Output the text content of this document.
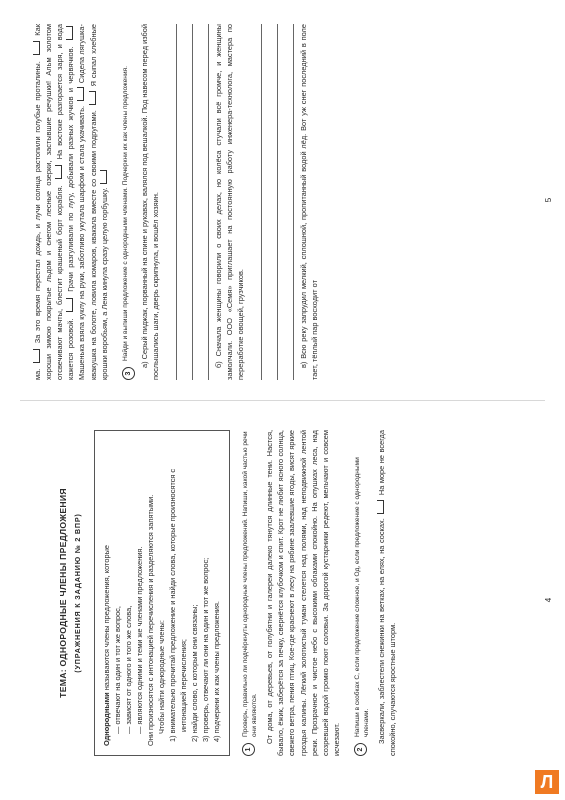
ТЕМА: ОДНОРОДНЫЕ ЧЛЕНЫ ПРЕДЛОЖЕНИЯ (УПРАЖНЕНИЯ К ЗАДАНИЮ № 2 ВПР)

Однородными называются члены предложения, которые — отвечают на один и тот же вопрос, — зависят от одного и того же слова, — являются одними и теми же членами предложения. Они произносятся с интонацией перечисления и разделяются запятыми. Чтобы найти однородные члены: 1) внимательно прочитай предложение и найди слова, которые произносятся с интонацией перечисления; 2) найди слово, с которым они связаны; 3) проверь, отвечают ли они на один и тот же вопрос; 4) подчеркни их как члены предложения.

1
Проверь, правильно ли подчёркнуты однородные члены предложений. Напиши, какой частью речи они являются. От дома, от деревьев, от голубятни и галереи далеко тянутся длинные тени. Настся, бывало, ёжик, заберётся за печку, свернётся клубочком и спит. Крот не любит ясного солнца, свежего ветра, пения птиц. Кое-где краснеют в лесу на рябине заалевшие ягоды, висят яркие гроздья калины. Лёгкий золотистый туман стелется над полями, над неподвижной лентой реки. Прозрачное и чистое небо с высокими облаками спокойно. На опушках леса, над созревшей водой громко поют соловьи. За дорогой кустарники редеют, мельчают и совсем исчезают.	2
Напиши в скобках С, если предложение сложное, и Од, если предложение с однородными членами. Засверкали, заблестели снежинки на ветках, на елях, на сосках.  На море не всегда спокойно, случаются яростные шторм.

4
Л

ма.  За это время перестал дождь, и лучи солнца растопили голубые проталины.  Как хороши зимою покрытые льдом и снегом лесные озерки, застывшие речушки! Альм золотом отсвечивают мачты, блестит крашеный борт корабля.  На востоке разгорается заря, и вода кажется розовой.  Грачи разгуливали по лугу, добывали разных жучков и червячков. Машенька взяла куклу на руки, заботливо укутала шарфом и стала укачивать.  Сидела лягушка-квакушка на болоте, ловила комаров, квакала вместе со своими подругами.  Я сыпал хлебные крошки воробьям, а Лена кинула сразу целую горбушку.	3
Найди и выпиши предложение с однородными членами. Подчеркни их как члены предложения.	а) Серый пиджак, порванный на спине и рукавах, валялся под вешалкой. Под навесом перед избой послышались шаги, дверь скрипнула, и вошёл хозяин.	б) Сначала женщины говорили о своих делах, но колёса стучали всё громче, и женщины замолчали. ООО «Семя» приглашает на постоянную работу инженера-технолога, мастера по переработке овощей, грузчиков.	в) Всю реку запрудил мелкий, сплошной, пропитанный водой лёд. Вот уж снег последний в поле тает, тёплый пар восходит от

5
